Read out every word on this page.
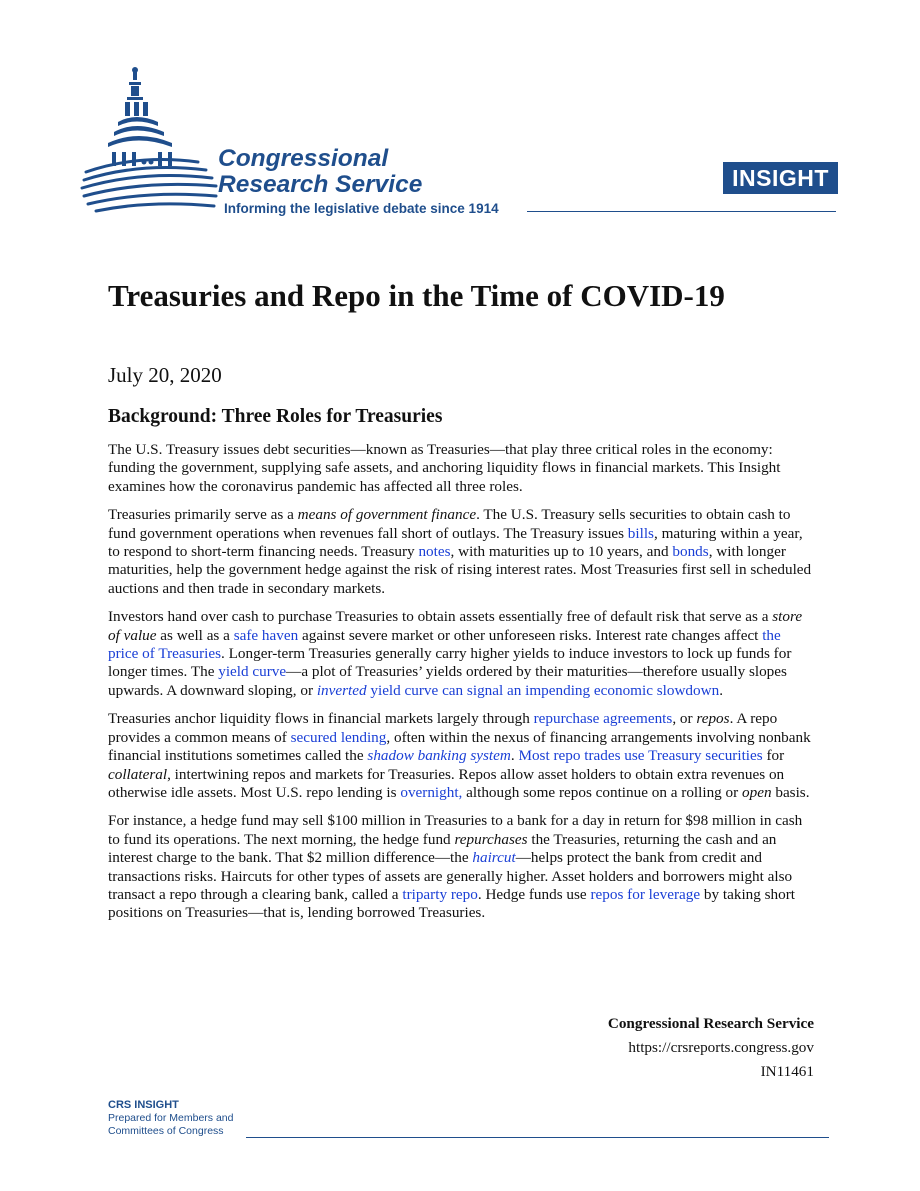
Congressional
Research Service
Informing the legislative debate since 1914
INSIGHT
Treasuries and Repo in the Time of COVID-19
July 20, 2020
Background: Three Roles for Treasuries

The U.S. Treasury issues debt securities—known as Treasuries—that play three critical roles in the economy: funding the government, supplying safe assets, and anchoring liquidity flows in financial markets. This Insight examines how the coronavirus pandemic has affected all three roles.

Treasuries primarily serve as a means of government finance. The U.S. Treasury sells securities to obtain cash to fund government operations when revenues fall short of outlays. The Treasury issues bills, maturing within a year, to respond to short-term financing needs. Treasury notes, with maturities up to 10 years, and bonds, with longer maturities, help the government hedge against the risk of rising interest rates. Most Treasuries first sell in scheduled auctions and then trade in secondary markets.

Investors hand over cash to purchase Treasuries to obtain assets essentially free of default risk that serve as a store of value as well as a safe haven against severe market or other unforeseen risks. Interest rate changes affect the price of Treasuries. Longer-term Treasuries generally carry higher yields to induce investors to lock up funds for longer times. The yield curve—a plot of Treasuries’ yields ordered by their maturities—therefore usually slopes upwards. A downward sloping, or inverted yield curve can signal an impending economic slowdown.

Treasuries anchor liquidity flows in financial markets largely through repurchase agreements, or repos. A repo provides a common means of secured lending, often within the nexus of financing arrangements involving nonbank financial institutions sometimes called the shadow banking system. Most repo trades use Treasury securities for collateral, intertwining repos and markets for Treasuries. Repos allow asset holders to obtain extra revenues on otherwise idle assets. Most U.S. repo lending is overnight, although some repos continue on a rolling or open basis.

For instance, a hedge fund may sell $100 million in Treasuries to a bank for a day in return for $98 million in cash to fund its operations. The next morning, the hedge fund repurchases the Treasuries, returning the cash and an interest charge to the bank. That $2 million difference—the haircut—helps protect the bank from credit and transactions risks. Haircuts for other types of assets are generally higher. Asset holders and borrowers might also transact a repo through a clearing bank, called a triparty repo. Hedge funds use repos for leverage by taking short positions on Treasuries—that is, lending borrowed Treasuries.

Congressional Research Service
https://crsreports.congress.gov
IN11461
CRS INSIGHT
Prepared for Members and
Committees of Congress
